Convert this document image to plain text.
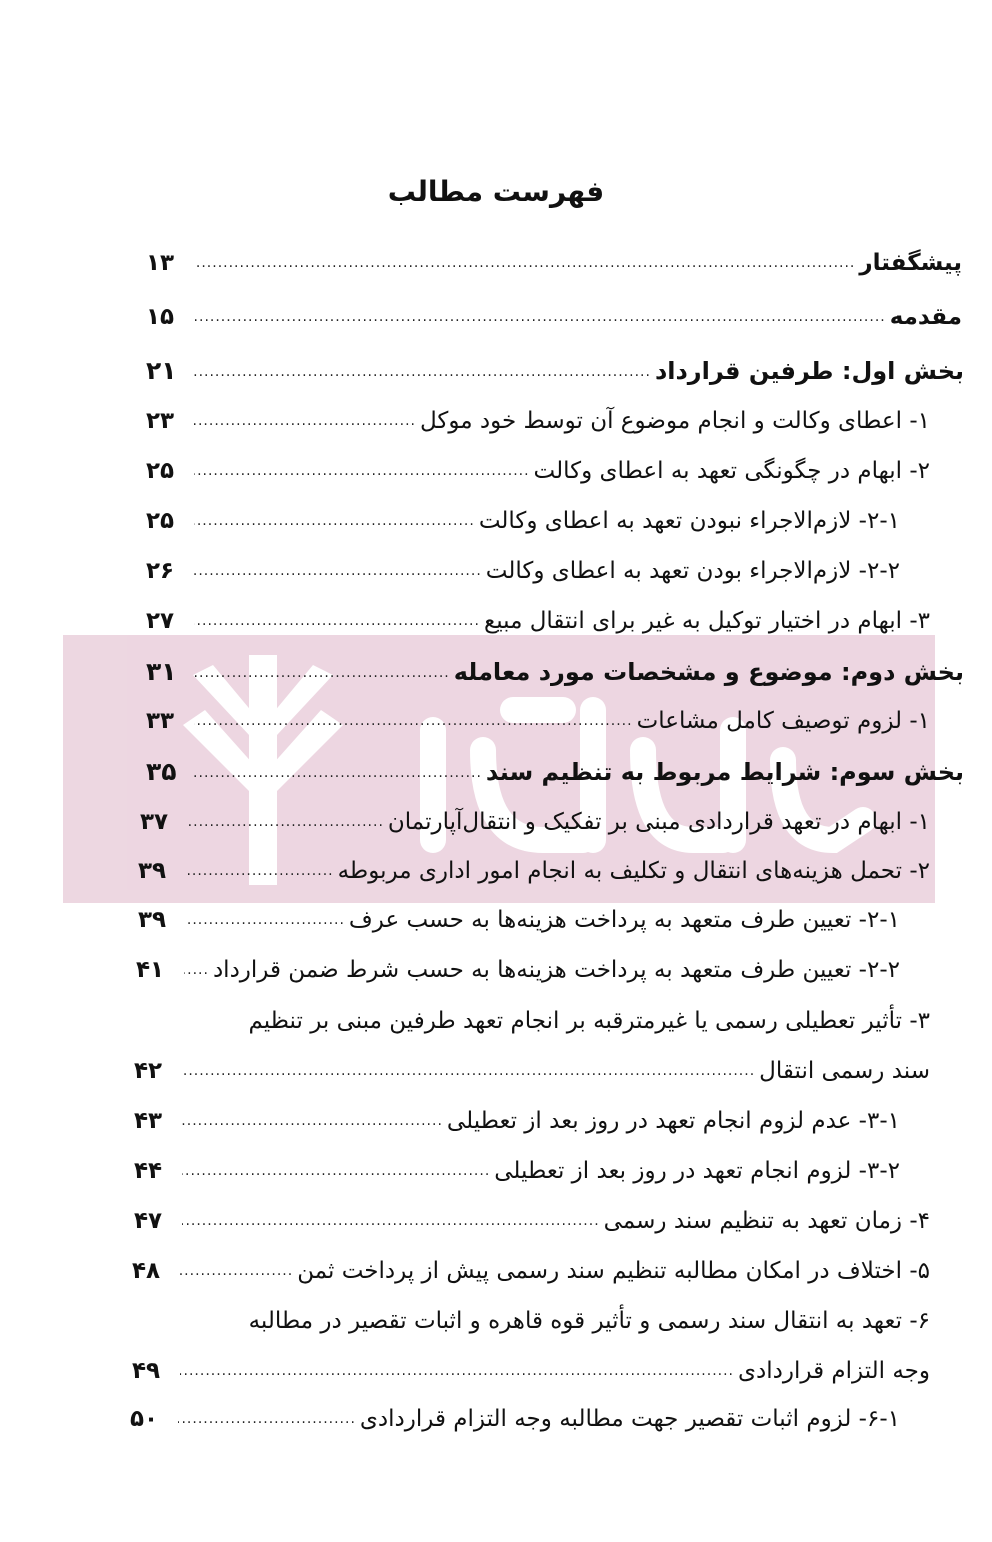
فهرست مطالب
پیشگفتار
.....
۱۳
مقدمه
.....
۱۵
بخش اول: طرفین قرارداد
.....
۲۱
۱- اعطای وکالت و انجام موضوع آن توسط خود موکل
.....
۲۳
۲- ابهام در چگونگی تعهد به اعطای وکالت
.....
۲۵
۲-۱- لازم‌الاجراء نبودن تعهد به اعطای وکالت
.....
۲۵
۲-۲- لازم‌الاجراء بودن تعهد به اعطای وکالت
.....
۲۶
۳- ابهام در اختیار توکیل به غیر برای انتقال مبیع
.....
۲۷
بخش دوم: موضوع و مشخصات مورد معامله
.....
۳۱
۱- لزوم توصیف کامل مشاعات
.....
۳۳
بخش سوم: شرایط مربوط به تنظیم سند
.....
۳۵
۱- ابهام در تعهد قراردادی مبنی بر تفکیک و انتقال‌آپارتمان
.....
۳۷
۲- تحمل هزینه‌های انتقال و تکلیف به انجام امور اداری مربوطه
.....
۳۹
۲-۱- تعیین طرف متعهد به پرداخت هزینه‌ها به حسب عرف
.....
۳۹
۲-۲- تعیین طرف متعهد به پرداخت هزینه‌ها به حسب شرط ضمن قرارداد
.....
۴۱
۳- تأثیر تعطیلی رسمی یا غیرمترقبه بر انجام تعهد طرفین مبنی بر تنظیم
سند رسمی انتقال
.....
۴۲
۳-۱- عدم لزوم انجام تعهد در روز بعد از تعطیلی
.....
۴۳
۳-۲- لزوم انجام تعهد در روز بعد از تعطیلی
.....
۴۴
۴- زمان تعهد به تنظیم سند رسمی
.....
۴۷
۵- اختلاف در امکان مطالبه تنظیم سند رسمی پیش از پرداخت ثمن
.....
۴۸
۶- تعهد به انتقال سند رسمی و تأثیر قوه قاهره و اثبات تقصیر در مطالبه
وجه التزام قراردادی
.....
۴۹
۶-۱- لزوم اثبات تقصیر جهت مطالبه وجه التزام قراردادی
.....
۵۰
